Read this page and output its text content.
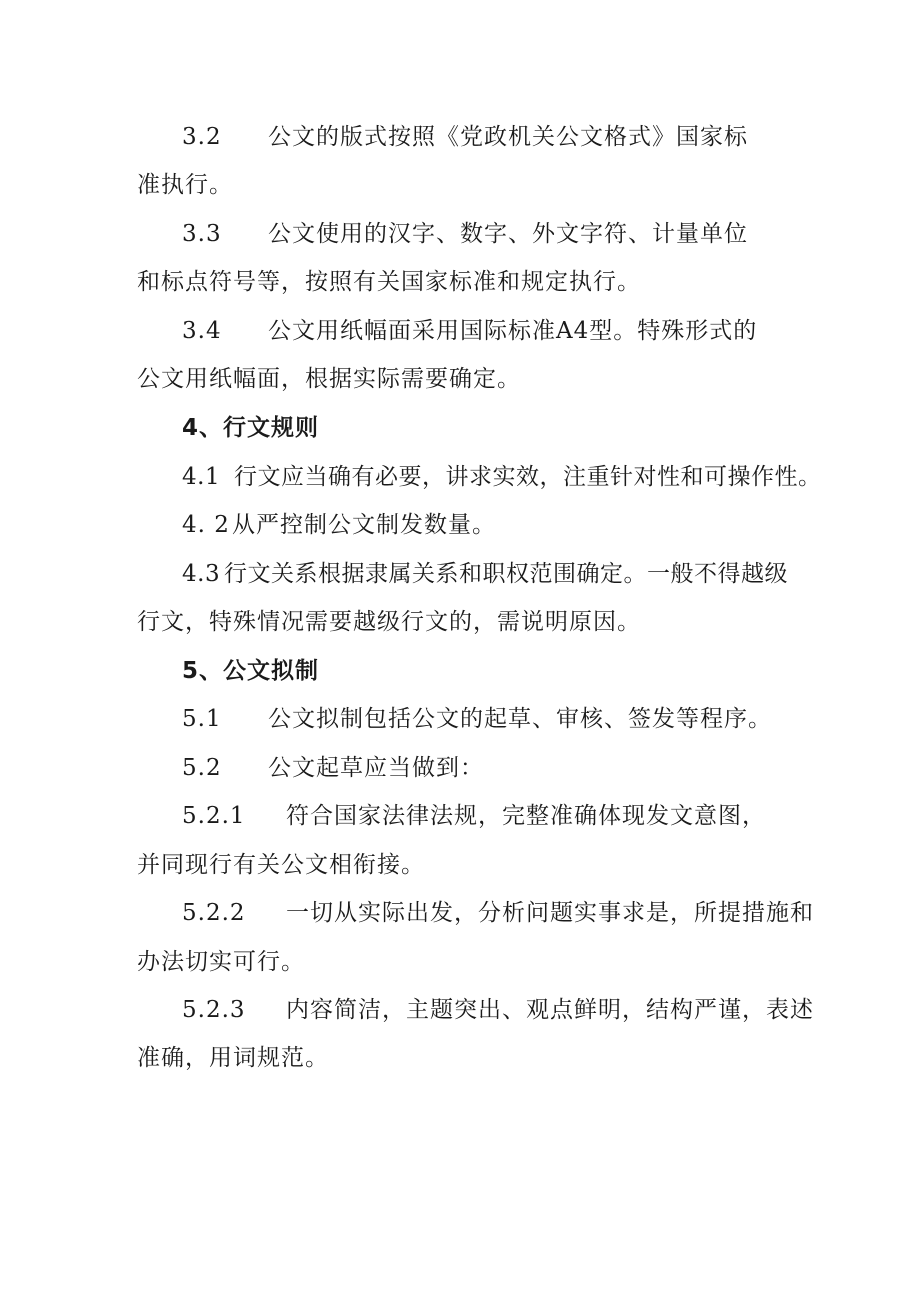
3.2 公文的版式按照《党政机关公文格式》国家标
准执行。
3.3 公文使用的汉字、数字、外文字符、计量单位
和标点符号等，按照有关国家标准和规定执行。
3.4 公文用纸幅面采用国际标准A4型。特殊形式的
公文用纸幅面，根据实际需要确定。
4、行文规则
4.1 行文应当确有必要，讲求实效，注重针对性和可操作性。
4. 2从严控制公文制发数量。
4.3 行文关系根据隶属关系和职权范围确定。一般不得越级
行文，特殊情况需要越级行文的，需说明原因。
5、公文拟制
5.1 公文拟制包括公文的起草、审核、签发等程序。
5.2 公文起草应当做到：
5.2.1 符合国家法律法规，完整准确体现发文意图，
并同现行有关公文相衔接。
5.2.2 一切从实际出发，分析问题实事求是，所提措施和
办法切实可行。
5.2.3 内容简洁，主题突出、观点鲜明，结构严谨，表述
准确，用词规范。
